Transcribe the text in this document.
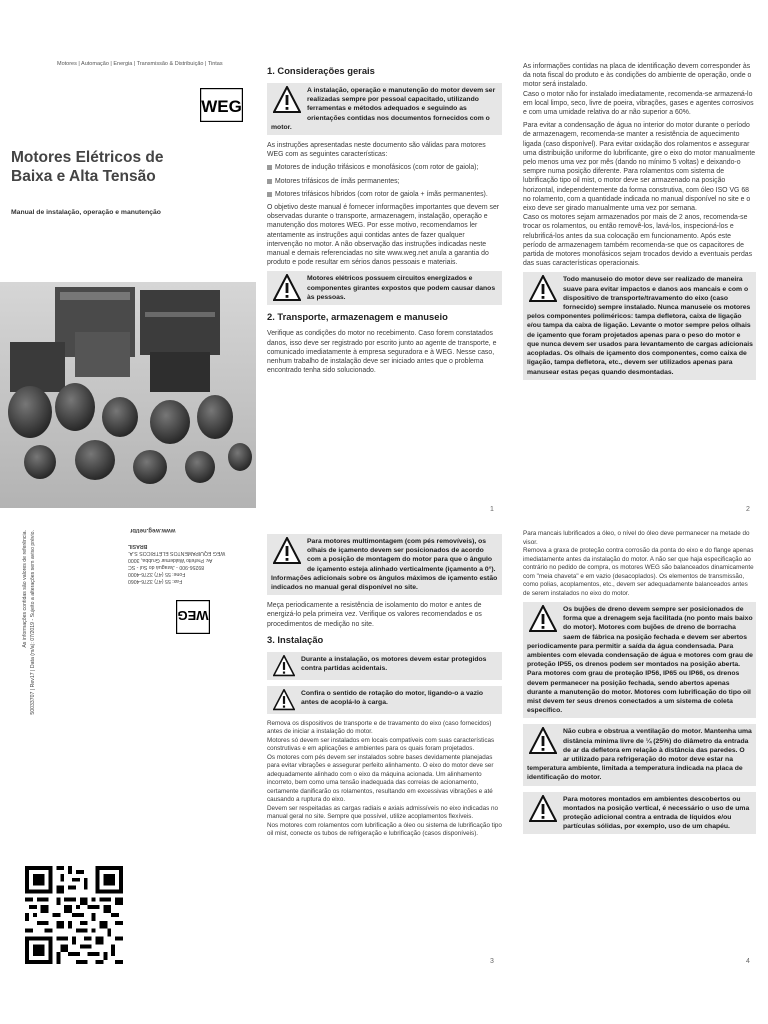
Motores | Automação | Energia | Transmissão & Distribuição | Tintas
WEG
Motores Elétricos de
Baixa e Alta Tensão
Manual de instalação, operação e manutenção
1. Considerações gerais
A instalação, operação e manutenção do motor devem ser realizadas sempre por pessoal capacitado, utilizando ferramentas e métodos adequados e seguindo as orientações contidas nos documentos fornecidos com o motor.

As instruções apresentadas neste documento são válidas para motores WEG com as seguintes características:

Motores de indução trifásicos e monofásicos (com rotor de gaiola);
Motores trifásicos de ímãs permanentes;
Motores trifásicos híbridos (com rotor de gaiola + ímãs permanentes).

O objetivo deste manual é fornecer informações importantes que devem ser observadas durante o transporte, armazenagem, instalação, operação e manutenção dos motores WEG. Por esse motivo, recomendamos ler atentamente as instruções aqui contidas antes de fazer qualquer intervenção no motor. A não observação das instruções indicadas neste manual e demais referenciadas no site www.weg.net anula a garantia do produto e pode resultar em sérios danos pessoais e materiais.

Motores elétricos possuem circuitos energizados e componentes girantes expostos que podem causar danos às pessoas.
2. Transporte, armazenagem e manuseio

Verifique as condições do motor no recebimento. Caso forem constatados danos, isso deve ser registrado por escrito junto ao agente de transporte, e comunicado imediatamente à empresa seguradora e à WEG. Nesse caso, nenhum trabalho de instalação deve ser iniciado antes que o problema encontrado tenha sido solucionado.

1

As informações contidas na placa de identificação devem corresponder às da nota fiscal do produto e às condições do ambiente de operação, onde o motor será instalado.

Caso o motor não for instalado imediatamente, recomenda-se armazená-lo em local limpo, seco, livre de poeira, vibrações, gases e agentes corrosivos e com uma umidade relativa do ar não superior a 60%.

Para evitar a condensação de água no interior do motor durante o período de armazenagem, recomenda-se manter a resistência de aquecimento ligada (caso disponível). Para evitar oxidação dos rolamentos e assegurar uma distribuição uniforme do lubrificante, gire o eixo do motor manualmente pelo menos uma vez por mês (dando no mínimo 5 voltas) e deixando-o sempre numa posição diferente. Para rolamentos com sistema de lubrificação tipo oil mist, o motor deve ser armazenado na posição horizontal, independentemente da forma construtiva, com óleo ISO VG 68 no rolamento, com a quantidade indicada no manual disponível no site e o eixo deve ser girado manualmente uma vez por semana.

Caso os motores sejam armazenados por mais de 2 anos, recomenda-se trocar os rolamentos, ou então removê-los, lavá-los, inspecioná-los e relubrificá-los antes da sua colocação em funcionamento. Após este período de armazenagem também recomenda-se que os capacitores de partida de motores monofásicos sejam trocados devido a eventuais perdas das suas características operacionais.

Todo manuseio do motor deve ser realizado de maneira suave para evitar impactos e danos aos mancais e com o dispositivo de transporte/travamento do eixo (caso fornecido) sempre instalado. Nunca manuseie os motores pelos componentes poliméricos: tampa defletora, caixa de ligação e/ou tampa da caixa de ligação. Levante o motor sempre pelos olhais de içamento que foram projetados apenas para o peso do motor e que nunca devem ser usados para levantamento de cargas adicionais acopladas. Os olhais de içamento dos componentes, como caixa de ligação, tampa defletora, etc., devem ser utilizados apenas para manusear estas peças quando desmontadas.
2
www.weg.net/br
Fax: 55 (47) 3276-4060
Fone: 55 (47) 3276-4000
89256-900 - Jaraguá do Sul - SC
Av. Prefeito Waldemar Grubba, 3000
WEG EQUIPAMENTOS ELÉTRICOS S.A.
BRASIL
WEG
50033707 | Rev17 | Data (m/a): 07/2019 - Sujeito a alterações sem aviso prévio.
As informações contidas são valores de referência.	Para motores multimontagem (com pés removíveis), os olhais de içamento devem ser posicionados de acordo com a posição de montagem do motor para que o ângulo de içamento esteja alinhado verticalmente (içamento a 0°). Informações adicionais sobre os ângulos máximos de içamento estão indicados no manual geral disponível no site.

Meça periodicamente a resistência de isolamento do motor e antes de energizá-lo pela primeira vez. Verifique os valores recomendados e os procedimentos de medição no site.

3. Instalação
Durante a instalação, os motores devem estar protegidos contra partidas acidentais.
Confira o sentido de rotação do motor, ligando-o a vazio antes de acoplá-lo à carga.

Remova os dispositivos de transporte e de travamento do eixo (caso fornecidos) antes de iniciar a instalação do motor.

Motores só devem ser instalados em locais compatíveis com suas características construtivas e em aplicações e ambientes para os quais foram projetados.

Os motores com pés devem ser instalados sobre bases devidamente planejadas para evitar vibrações e assegurar perfeito alinhamento. O eixo do motor deve ser adequadamente alinhado com o eixo da máquina acionada. Um alinhamento incorreto, bem como uma tensão inadequada das correias de acionamento, certamente danificarão os rolamentos, resultando em excessivas vibrações e até causando a ruptura do eixo.

Devem ser respeitadas as cargas radiais e axiais admissíveis no eixo indicadas no manual geral no site. Sempre que possível, utilize acoplamentos flexíveis.

Nos motores com rolamentos com lubrificação a óleo ou sistema de lubrificação tipo oil mist, conecte os tubos de refrigeração e lubrificação (casos disponíveis).

3

Para mancais lubrificados a óleo, o nível do óleo deve permanecer na metade do visor.

Remova a graxa de proteção contra corrosão da ponta do eixo e do flange apenas imediatamente antes da instalação do motor. A não ser que haja especificação ao contrário no pedido de compra, os motores WEG são balanceados dinamicamente com "meia chaveta" e em vazio (desacoplados). Os elementos de transmissão, como polias, acoplamentos, etc., devem ser adequadamente balanceados antes de serem instalados no eixo do motor.

Os bujões de dreno devem sempre ser posicionados de forma que a drenagem seja facilitada (no ponto mais baixo do motor). Motores com bujões de dreno de borracha saem de fábrica na posição fechada e devem ser abertos periodicamente para permitir a saída da água condensada. Para ambientes com elevada condensação de água e motores com grau de proteção IP55, os drenos podem ser montados na posição aberta. Para motores com grau de proteção IP56, IP65 ou IP66, os drenos devem permanecer na posição fechada, sendo abertos apenas durante a manutenção do motor. Motores com lubrificação do tipo oil mist devem ter seus drenos conectados a um sistema de coleta específico.
Não cubra e obstrua a ventilação do motor. Mantenha uma distância mínima livre de ¼ (25%) do diâmetro da entrada de ar da defletora em relação à distância das paredes. O ar utilizado para refrigeração do motor deve estar na temperatura ambiente, limitada a temperatura indicada na placa de identificação do motor.
Para motores montados em ambientes descobertos ou montados na posição vertical, é necessário o uso de uma proteção adicional contra a entrada de líquidos e/ou partículas sólidas, por exemplo, uso de um chapéu.
4
